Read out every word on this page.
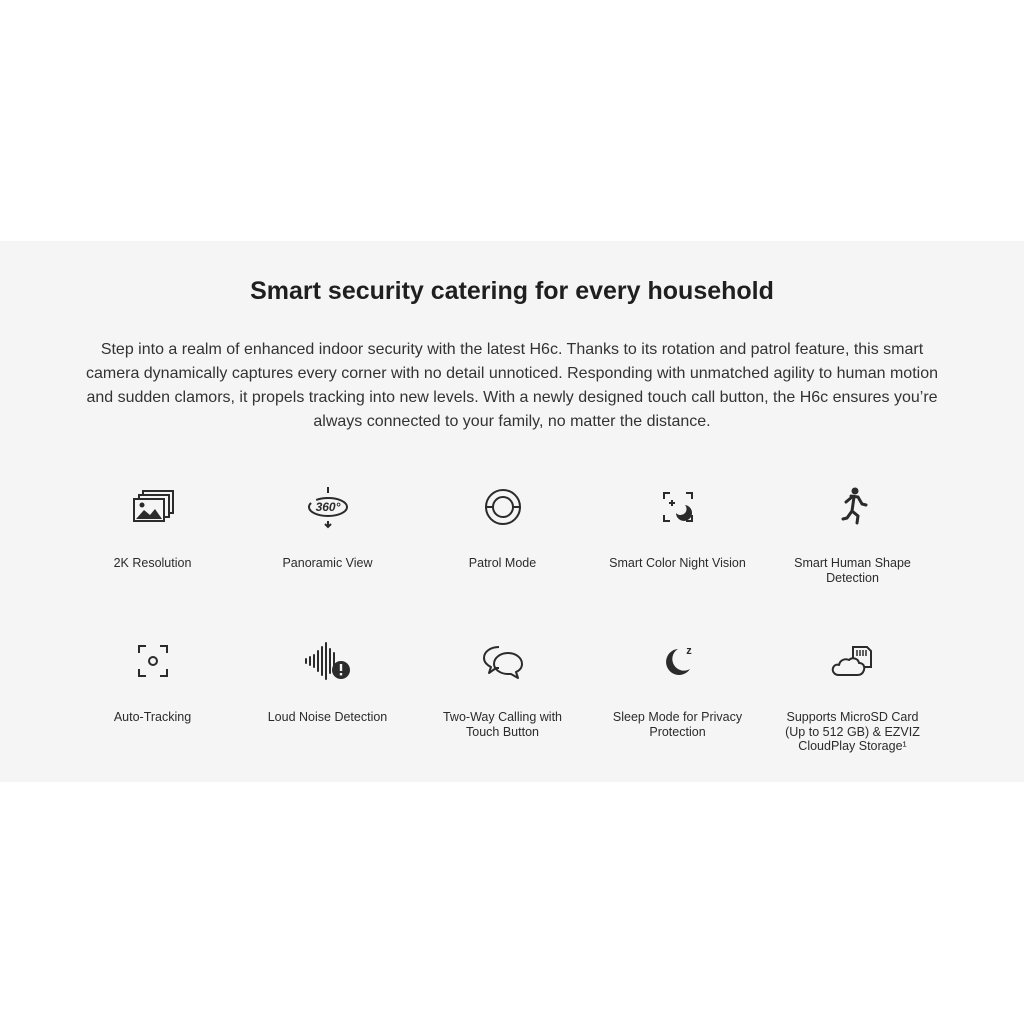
Smart security catering for every household

Step into a realm of enhanced indoor security with the latest H6c. Thanks to its rotation and patrol feature, this smart camera dynamically captures every corner with no detail unnoticed. Responding with unmatched agility to human motion and sudden clamors, it propels tracking into new levels. With a newly designed touch call button, the H6c ensures you’re always connected to your family, no matter the distance.

2K Resolution
360°
Panoramic View	Patrol Mode	Smart Color Night Vision	Smart Human Shape Detection
Auto-Tracking	Loud Noise Detection	Two-Way Calling with Touch Button
z
Sleep Mode for Privacy Protection
Supports MicroSD Card (Up to 512 GB) & EZVIZ CloudPlay Storage¹
